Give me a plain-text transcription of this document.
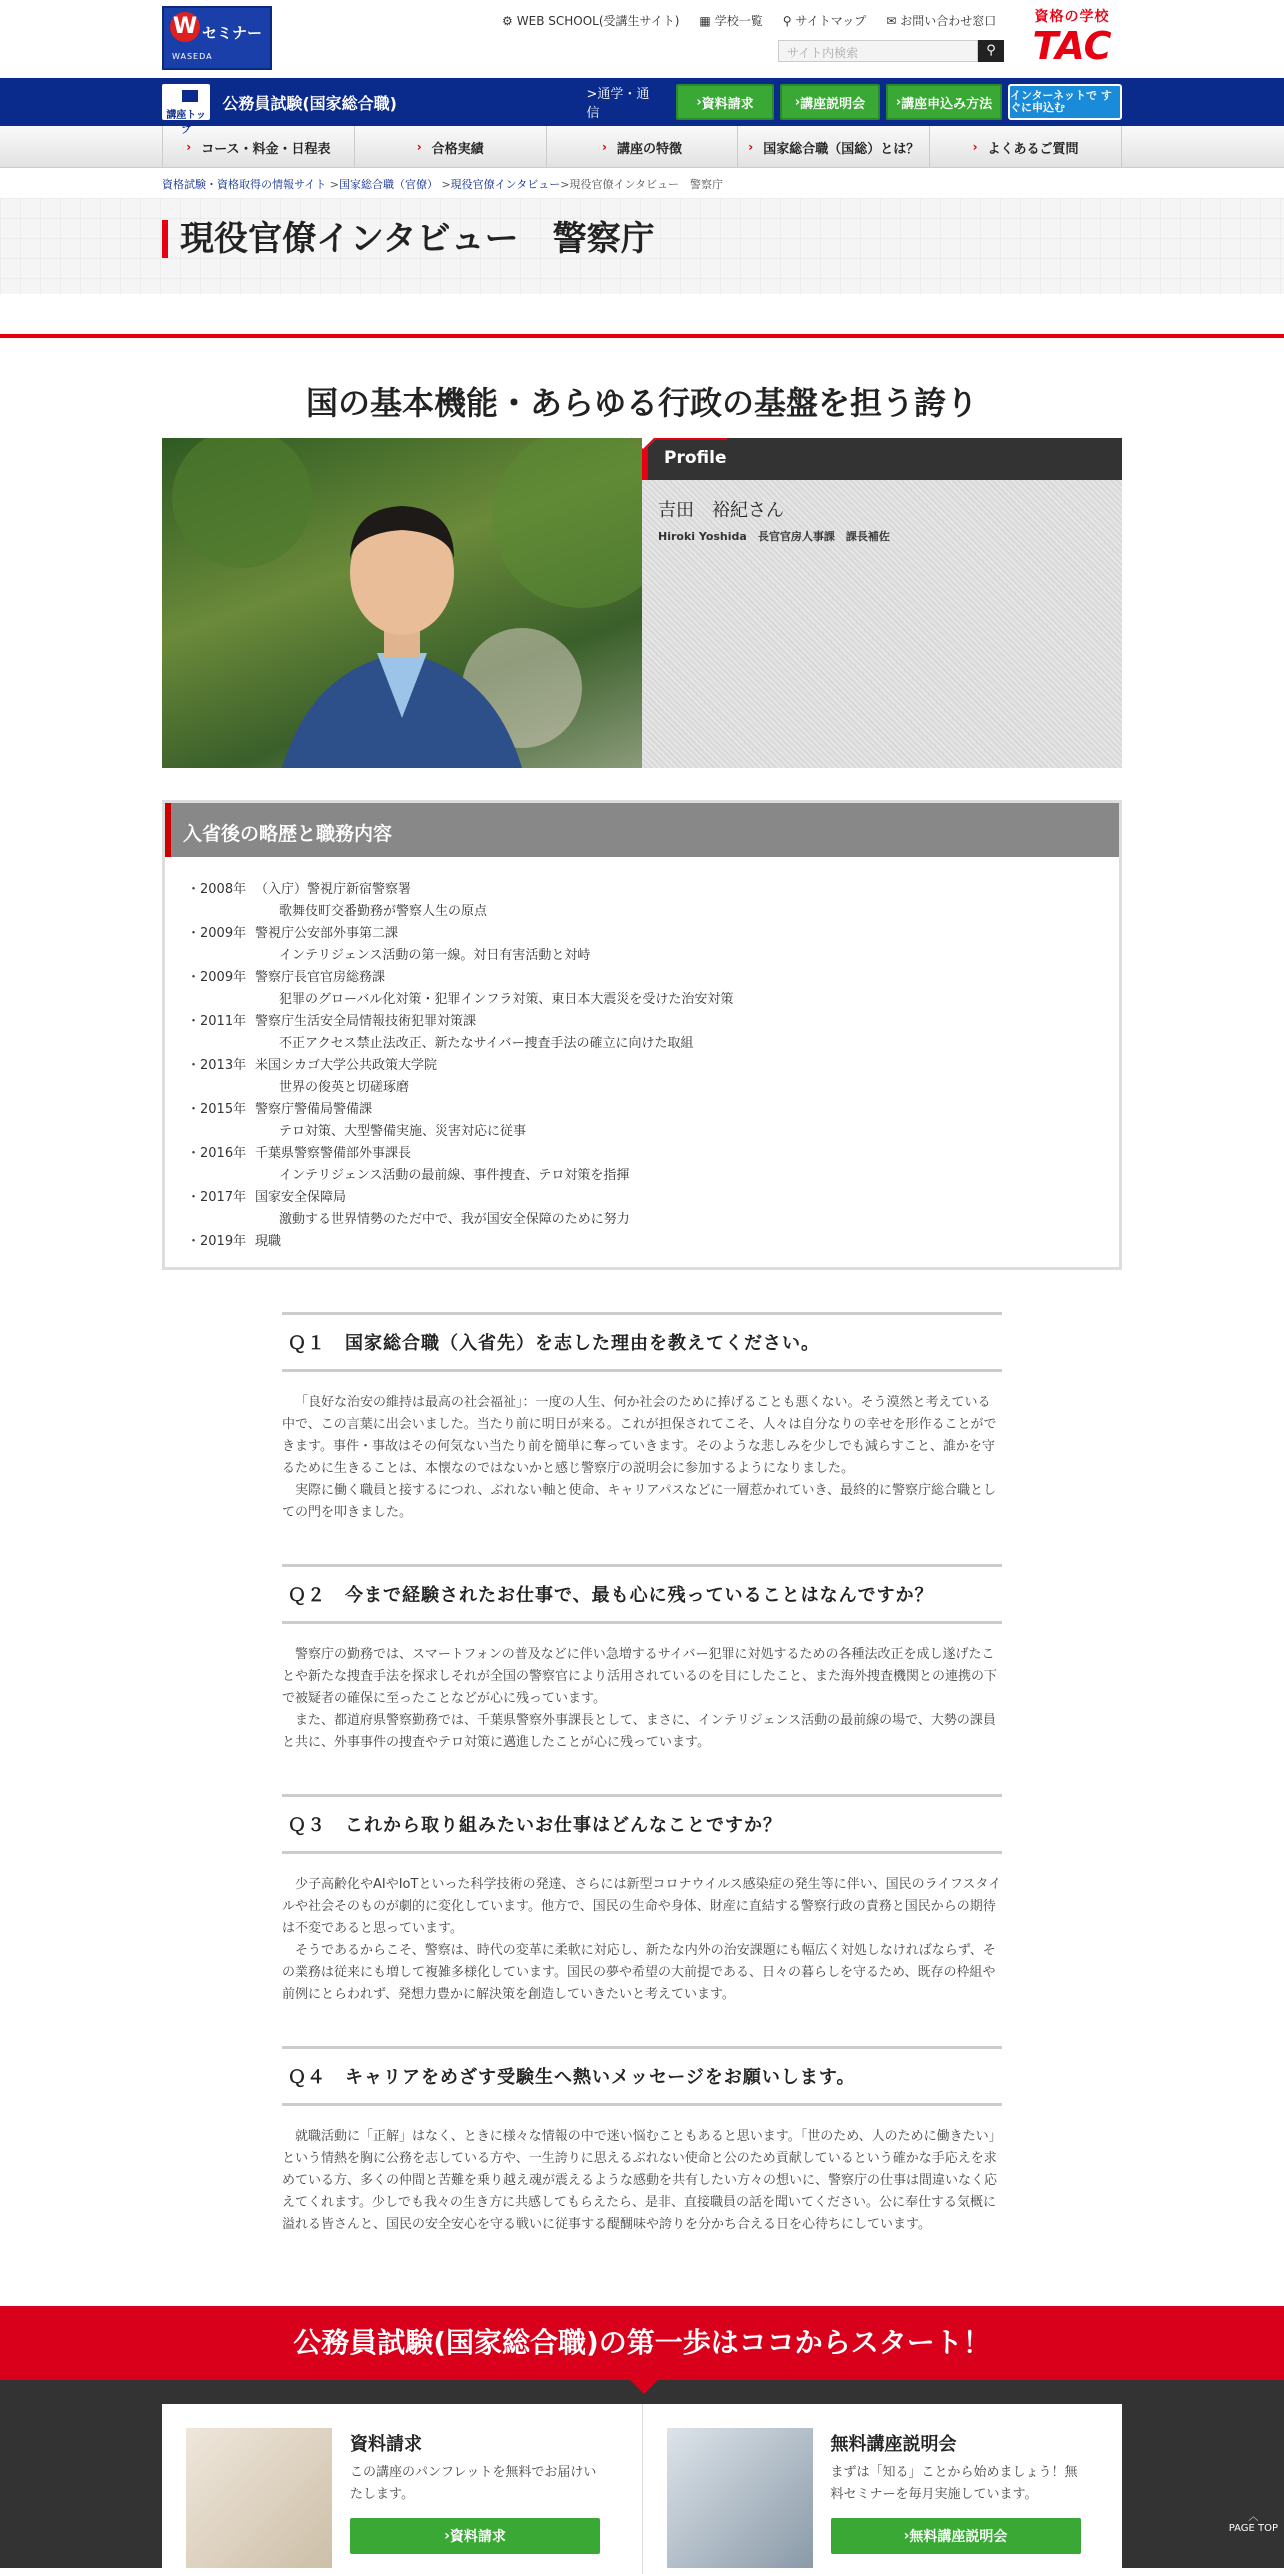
W セミナー
WASEDA
⚙ WEB SCHOOL(受講生サイト) ▦ 学校一覧 ⚲ サイトマップ ✉ お問い合わせ窓口
サイト内検索	⚲
資格の学校
TAC
講座トップ
公務員試験(国家総合職)	>通学・通信
› 資料請求	› 講座説明会	› 講座申込み方法
インターネットで すぐに申込む
› コース・料金・日程表	› 合格実績	› 講座の特徴	› 国家総合職（国総）とは？	› よくあるご質問
資格試験・資格取得の情報サイト >国家総合職（官僚） >現役官僚インタビュー>現役官僚インタビュー　警察庁
現役官僚インタビュー　警察庁
国の基本機能・あらゆる行政の基盤を担う誇り
Profile
吉田　裕紀さん
Hiroki Yoshida　長官官房人事課　課長補佐
入省後の略歴と職務内容
・2008年 （入庁）警視庁新宿警察署
歌舞伎町交番勤務が警察人生の原点
・2009年 警視庁公安部外事第二課
インテリジェンス活動の第一線。対日有害活動と対峙
・2009年 警察庁長官官房総務課
犯罪のグローバル化対策・犯罪インフラ対策、東日本大震災を受けた治安対策
・2011年 警察庁生活安全局情報技術犯罪対策課
不正アクセス禁止法改正、新たなサイバー捜査手法の確立に向けた取組
・2013年 米国シカゴ大学公共政策大学院
世界の俊英と切磋琢磨
・2015年 警察庁警備局警備課
テロ対策、大型警備実施、災害対応に従事
・2016年 千葉県警察警備部外事課長
インテリジェンス活動の最前線、事件捜査、テロ対策を指揮
・2017年 国家安全保障局
激動する世界情勢のただ中で、我が国安全保障のために努力
・2019年 現職
Ｑ１　国家総合職（入省先）を志した理由を教えてください。

「良好な治安の維持は最高の社会福祉」：一度の人生、何か社会のために捧げることも悪くない。そう漠然と考えている中で、この言葉に出会いました。当たり前に明日が来る。これが担保されてこそ、人々は自分なりの幸せを形作ることができます。事件・事故はその何気ない当たり前を簡単に奪っていきます。そのような悲しみを少しでも減らすこと、誰かを守るために生きることは、本懐なのではないかと感じ警察庁の説明会に参加するようになりました。

実際に働く職員と接するにつれ、ぶれない軸と使命、キャリアパスなどに一層惹かれていき、最終的に警察庁総合職としての門を叩きました。

Ｑ２　今まで経験されたお仕事で、最も心に残っていることはなんですか？

警察庁の勤務では、スマートフォンの普及などに伴い急増するサイバー犯罪に対処するための各種法改正を成し遂げたことや新たな捜査手法を探求しそれが全国の警察官により活用されているのを目にしたこと、また海外捜査機関との連携の下で被疑者の確保に至ったことなどが心に残っています。

また、都道府県警察勤務では、千葉県警察外事課長として、まさに、インテリジェンス活動の最前線の場で、大勢の課員と共に、外事事件の捜査やテロ対策に邁進したことが心に残っています。

Ｑ３　これから取り組みたいお仕事はどんなことですか？

少子高齢化やAIやIoTといった科学技術の発達、さらには新型コロナウイルス感染症の発生等に伴い、国民のライフスタイルや社会そのものが劇的に変化しています。他方で、国民の生命や身体、財産に直結する警察行政の責務と国民からの期待は不変であると思っています。

そうであるからこそ、警察は、時代の変革に柔軟に対応し、新たな内外の治安課題にも幅広く対処しなければならず、その業務は従来にも増して複雑多様化しています。国民の夢や希望の大前提である、日々の暮らしを守るため、既存の枠組や前例にとらわれず、発想力豊かに解決策を創造していきたいと考えています。

Ｑ４　キャリアをめざす受験生へ熱いメッセージをお願いします。

就職活動に「正解」はなく、ときに様々な情報の中で迷い悩むこともあると思います。「世のため、人のために働きたい」という情熱を胸に公務を志している方や、一生誇りに思えるぶれない使命と公のため貢献しているという確かな手応えを求めている方、多くの仲間と苦難を乗り越え魂が震えるような感動を共有したい方々の想いに、警察庁の仕事は間違いなく応えてくれます。少しでも我々の生き方に共感してもらえたら、是非、直接職員の話を聞いてください。公に奉仕する気概に溢れる皆さんと、国民の安全安心を守る戦いに従事する醍醐味や誇りを分かち合える日を心待ちにしています。

公務員試験(国家総合職)の第一歩はココからスタート！
資料請求
この講座のパンフレットを無料でお届けいたします。
› 資料請求
無料講座説明会
まずは「知る」ことから始めましょう！無料セミナーを毎月実施しています。
› 無料講座説明会
︿
PAGE TOP
